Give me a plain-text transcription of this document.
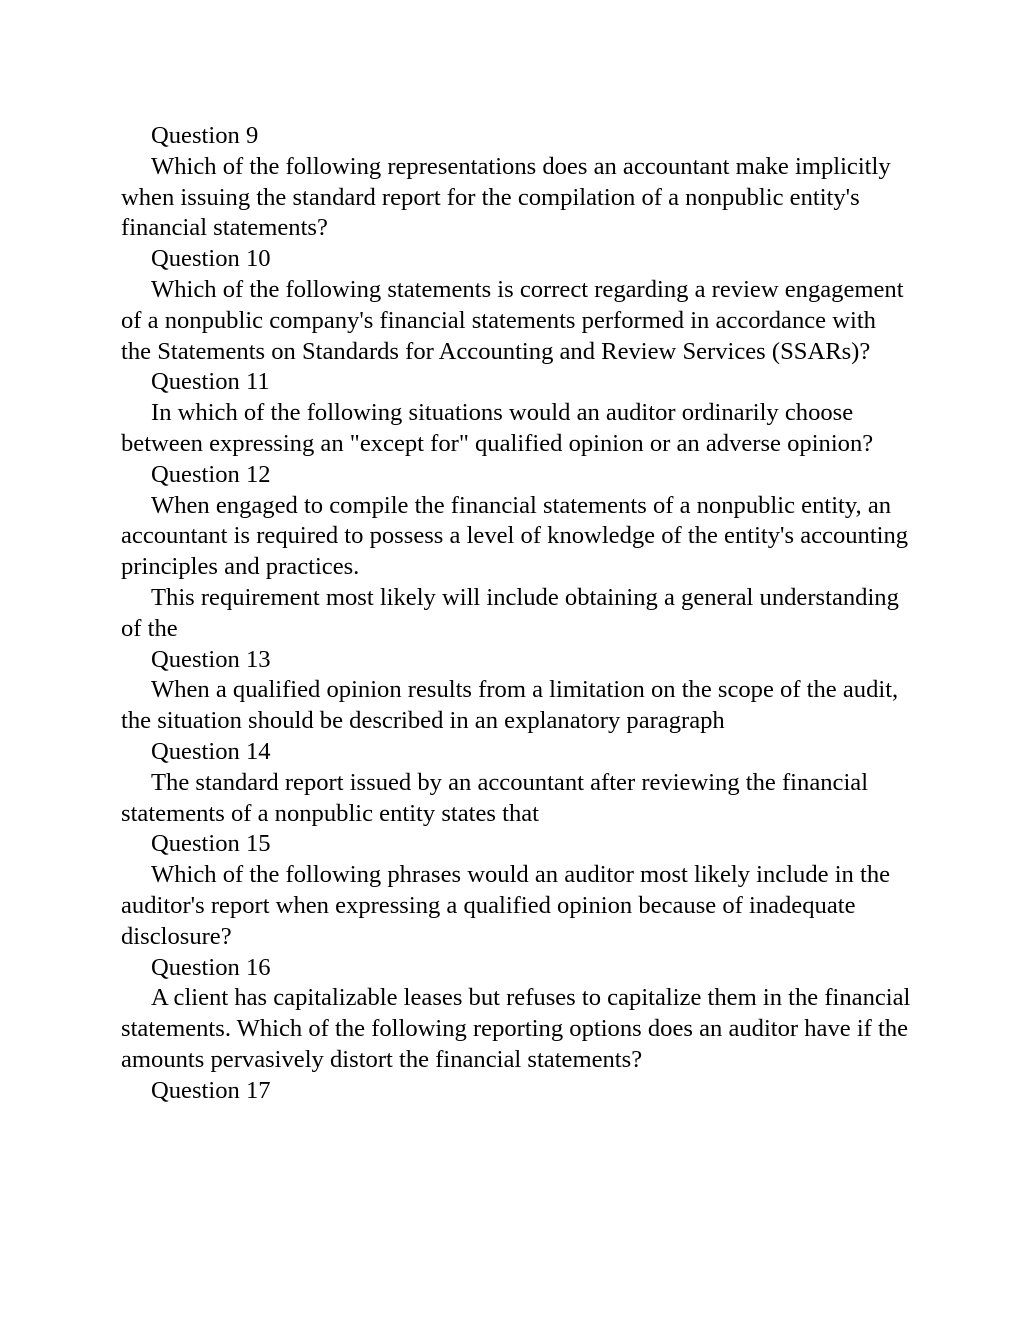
Question 9

Which of the following representations does an accountant make implicitly when issuing the standard report for the compilation of a nonpublic entity's financial statements?

Question 10

Which of the following statements is correct regarding a review engagement of a nonpublic company's financial statements performed in accordance with the Statements on Standards for Accounting and Review Services (SSARs)?

Question 11

In which of the following situations would an auditor ordinarily choose between expressing an "except for" qualified opinion or an adverse opinion?

Question 12

When engaged to compile the financial statements of a nonpublic entity, an accountant is required to possess a level of knowledge of the entity's accounting principles and practices.

This requirement most likely will include obtaining a general understanding of the

Question 13

When a qualified opinion results from a limitation on the scope of the audit, the situation should be described in an explanatory paragraph

Question 14

The standard report issued by an accountant after reviewing the financial statements of a nonpublic entity states that

Question 15

Which of the following phrases would an auditor most likely include in the auditor's report when expressing a qualified opinion because of inadequate disclosure?

Question 16

A client has capitalizable leases but refuses to capitalize them in the financial statements. Which of the following reporting options does an auditor have if the amounts pervasively distort the financial statements?

Question 17
